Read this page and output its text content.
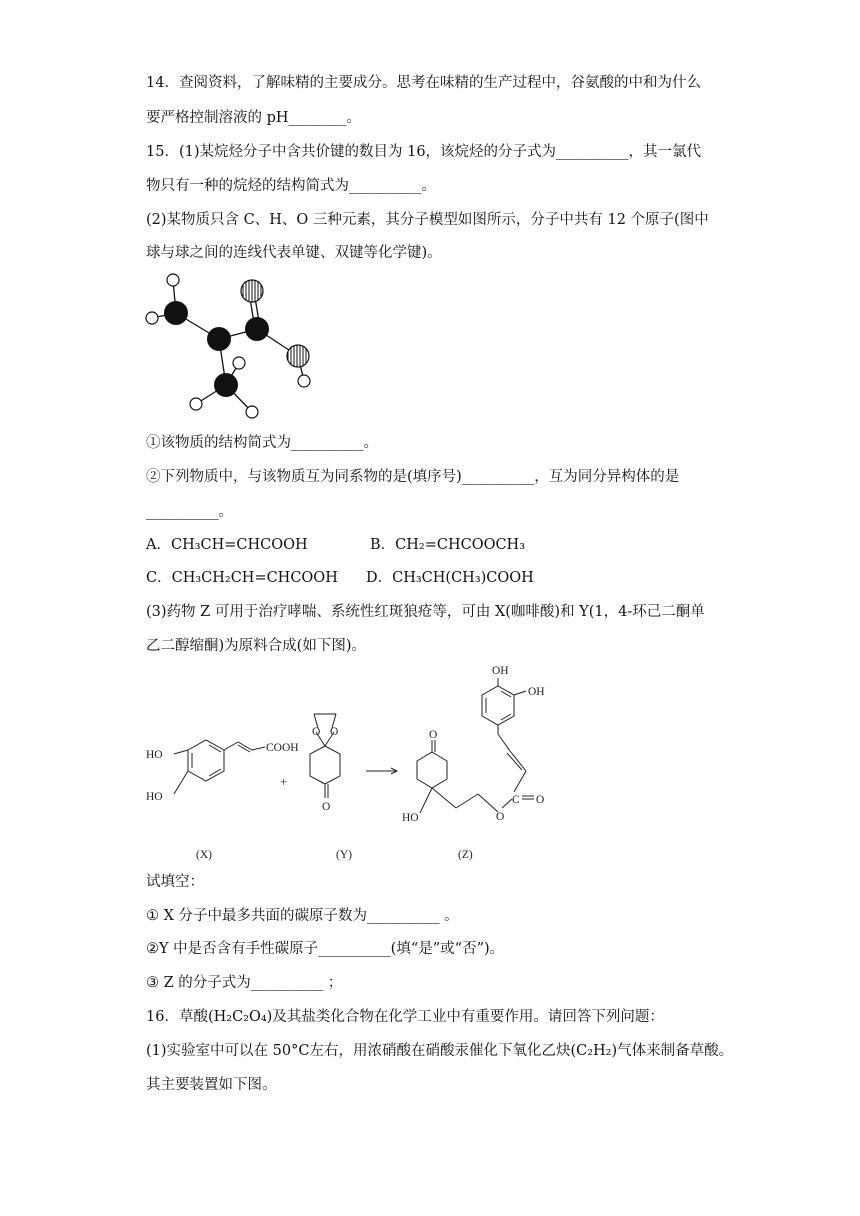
14．查阅资料，了解味精的主要成分。思考在味精的生产过程中，谷氨酸的中和为什么
要严格控制溶液的 pH________。
15．(1)某烷烃分子中含共价键的数目为 16，该烷烃的分子式为__________，其一氯代
物只有一种的烷烃的结构简式为__________。
(2)某物质只含 C、H、O 三种元素，其分子模型如图所示，分子中共有 12 个原子(图中
球与球之间的连线代表单键、双键等化学键)。
①该物质的结构简式为__________。
②下列物质中，与该物质互为同系物的是(填序号)__________，互为同分异构体的是
__________。
A．CH₃CH=CHCOOH	B．CH₂=CHCOOCH₃
C．CH₃CH₂CH=CHCOOH D．CH₃CH(CH₃)COOH
(3)药物 Z 可用于治疗哮喘、系统性红斑狼疮等，可由 X(咖啡酸)和 Y(1，4-环己二酮单
乙二醇缩酮)为原料合成(如下图)。
HO
HO
COOH
+
O O
O
O
OH
OH
HO
C O
O
(X)	(Y)	(Z)
试填空：
① X 分子中最多共面的碳原子数为__________ 。
②Y 中是否含有手性碳原子__________(填“是”或“否”)。
③ Z 的分子式为__________ ；
16．草酸(H₂C₂O₄)及其盐类化合物在化学工业中有重要作用。请回答下列问题：
(1)实验室中可以在 50°C左右，用浓硝酸在硝酸汞催化下氧化乙炔(C₂H₂)气体来制备草酸。
其主要装置如下图。
